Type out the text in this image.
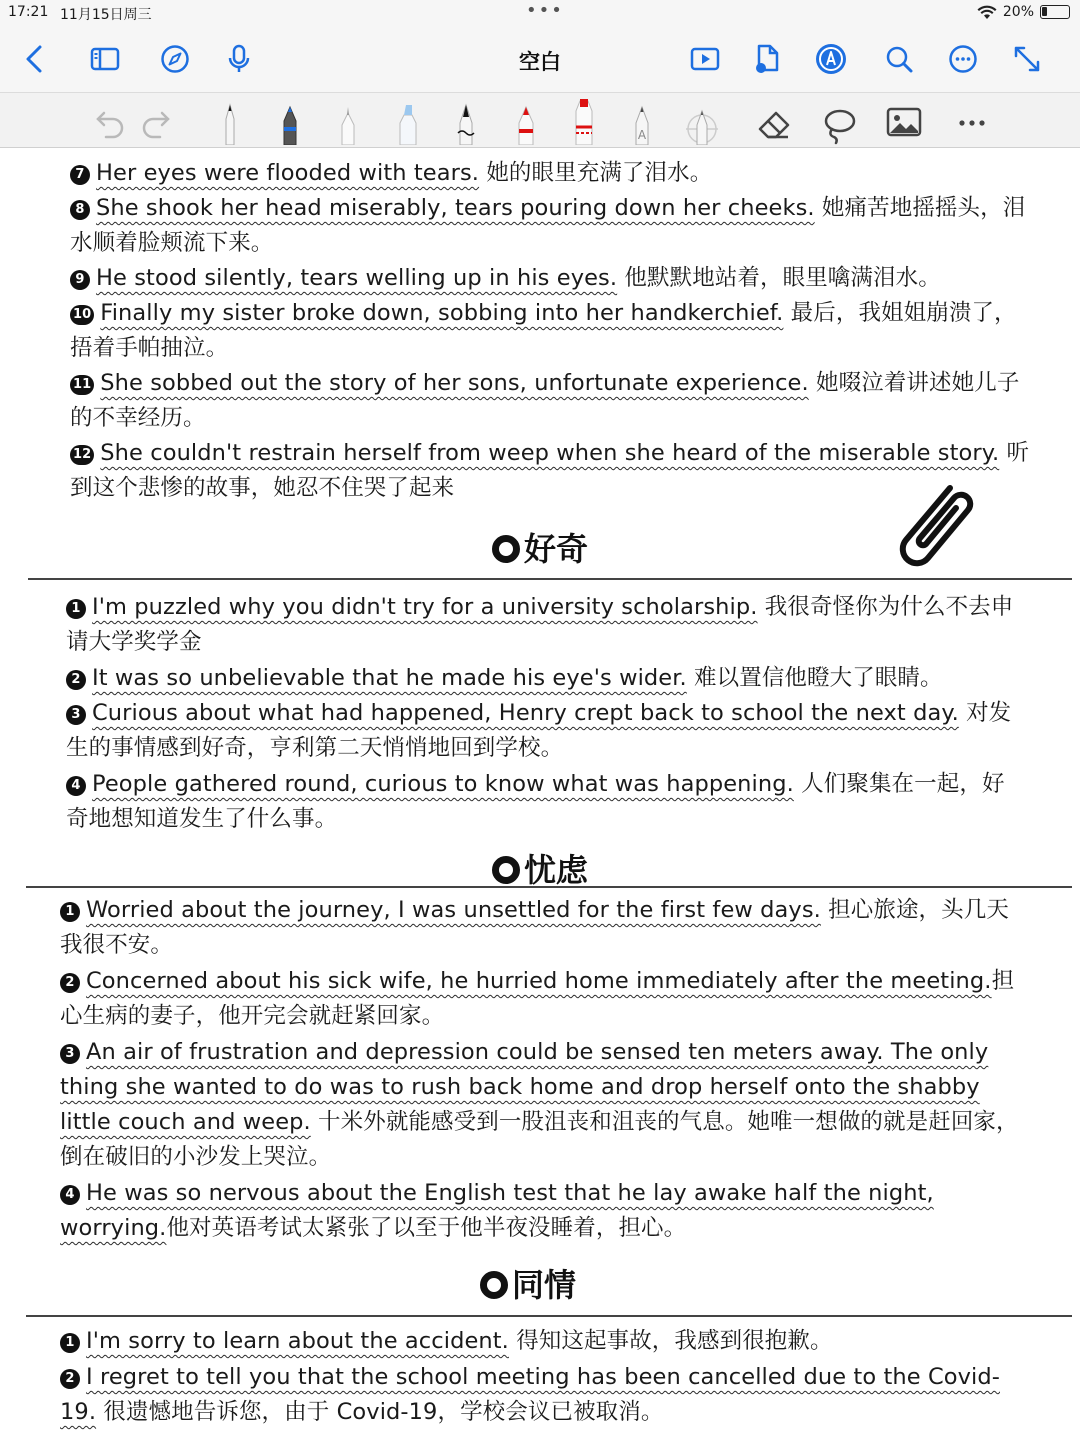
17:21 11月15日周三	•••	20%
空白
A
7 Her eyes were flooded with tears. 她的眼里充满了泪水。
8 She shook her head miserably, tears pouring down her cheeks. 她痛苦地摇摇头，泪水顺着脸颊流下来。
9 He stood silently, tears welling up in his eyes. 他默默地站着，眼里噙满泪水。
10 Finally my sister broke down, sobbing into her handkerchief. 最后，我姐姐崩溃了，捂着手帕抽泣。
11 She sobbed out the story of her sons, unfortunate experience. 她啜泣着讲述她儿子的不幸经历。
12 She couldn't restrain herself from weep when she heard of the miserable story. 听到这个悲惨的故事，她忍不住哭了起来
好奇
1 I'm puzzled why you didn't try for a university scholarship. 我很奇怪你为什么不去申请大学奖学金
2 It was so unbelievable that he made his eye's wider. 难以置信他瞪大了眼睛。
3 Curious about what had happened, Henry crept back to school the next day. 对发生的事情感到好奇，亨利第二天悄悄地回到学校。
4 People gathered round, curious to know what was happening. 人们聚集在一起，好奇地想知道发生了什么事。
忧虑
1 Worried about the journey, I was unsettled for the first few days. 担心旅途，头几天我很不安。
2 Concerned about his sick wife, he hurried home immediately after the meeting.担心生病的妻子，他开完会就赶紧回家。
3 An air of frustration and depression could be sensed ten meters away. The only thing she wanted to do was to rush back home and drop herself onto the shabby little couch and weep. 十米外就能感受到一股沮丧和沮丧的气息。她唯一想做的就是赶回家，倒在破旧的小沙发上哭泣。
4 He was so nervous about the English test that he lay awake half the night, worrying.他对英语考试太紧张了以至于他半夜没睡着，担心。
同情
1 I'm sorry to learn about the accident. 得知这起事故，我感到很抱歉。
2 I regret to tell you that the school meeting has been cancelled due to the Covid-19. 很遗憾地告诉您，由于 Covid-19，学校会议已被取消。
